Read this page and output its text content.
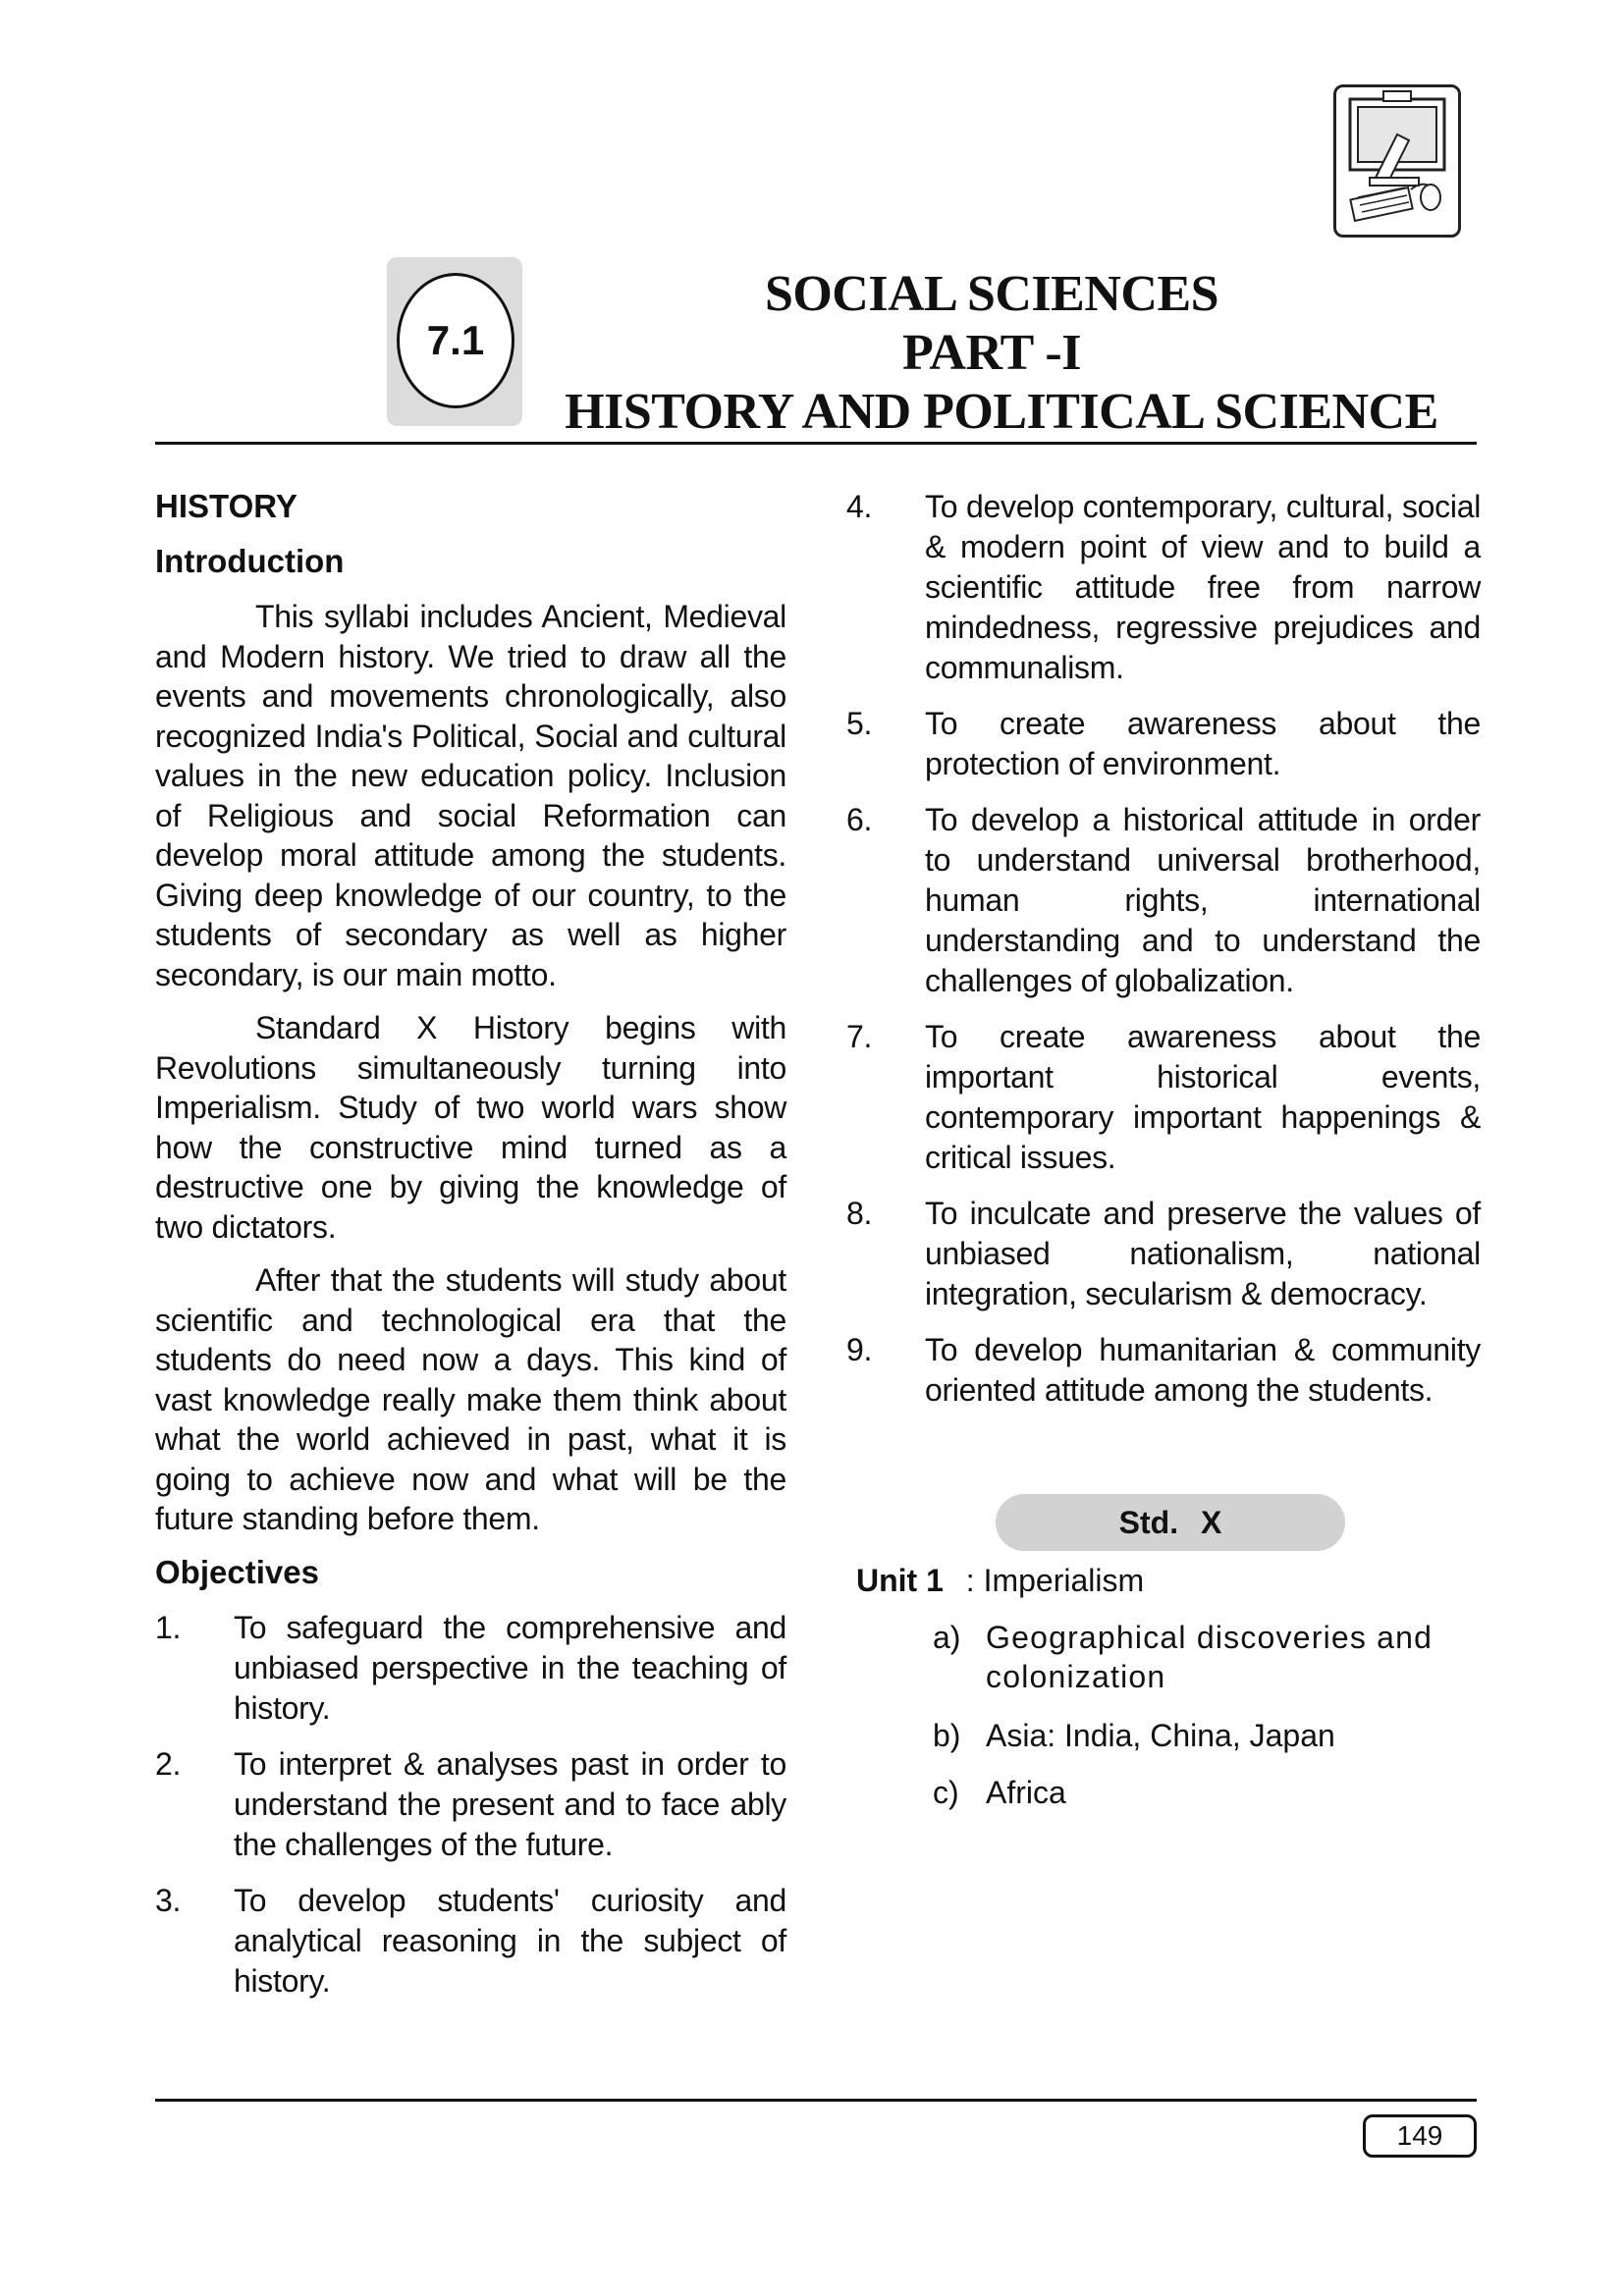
7.1
SOCIAL SCIENCES
PART -I
HISTORY AND POLITICAL SCIENCE
HISTORY
Introduction

This syllabi includes Ancient, Medieval and Modern history. We tried to draw all the events and movements chronologically, also recognized India's Political, Social and cultural values in the new education policy. Inclusion of Religious and social Reformation can develop moral attitude among the students. Giving deep knowledge of our country, to the students of secondary as well as higher secondary, is our main motto.

Standard X History begins with Revolutions simultaneously turning into Imperialism. Study of two world wars show how the constructive mind turned as a destructive one by giving the knowledge of two dictators.

After that the students will study about scientific and technological era that the students do need now a days. This kind of vast knowledge really make them think about what the world achieved in past, what it is going to achieve now and what will be the future standing before them.

Objectives
1. To safeguard the comprehensive and unbiased perspective in the teaching of history.
2. To interpret & analyses past in order to understand the present and to face ably the challenges of the future.
3. To develop students' curiosity and analytical reasoning in the subject of history.
4. To develop contemporary, cultural, social & modern point of view and to build a scientific attitude free from narrow mindedness, regressive prejudices and communalism.
5. To create awareness about the protection of environment.
6. To develop a historical attitude in order to understand universal brotherhood, human rights, international understanding and to understand the challenges of globalization.
7. To create awareness about the important historical events, contemporary important happenings & critical issues.
8. To inculcate and preserve the values of unbiased nationalism, national integration, secularism & democracy.
9. To develop humanitarian & community oriented attitude among the students.
Std. X
Unit 1 : Imperialism
a) Geographical discoveries and colonization
b) Asia: India, China, Japan
c) Africa
149
